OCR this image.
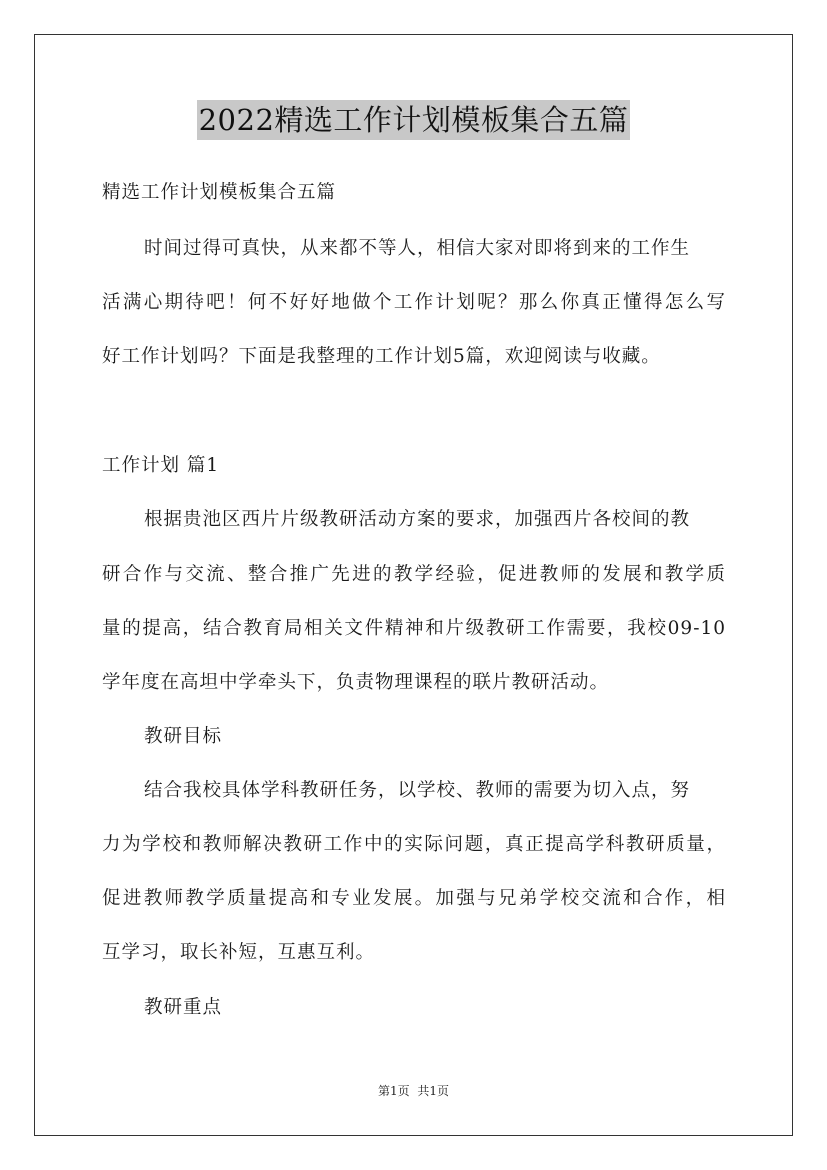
2022精选工作计划模板集合五篇
精选工作计划模板集合五篇
时间过得可真快，从来都不等人，相信大家对即将到来的工作生
活满心期待吧！何不好好地做个工作计划呢？那么你真正懂得怎么写
好工作计划吗？下面是我整理的工作计划5篇，欢迎阅读与收藏。
工作计划 篇1
根据贵池区西片片级教研活动方案的要求，加强西片各校间的教
研合作与交流、整合推广先进的教学经验，促进教师的发展和教学质
量的提高，结合教育局相关文件精神和片级教研工作需要，我校09-10
学年度在高坦中学牵头下，负责物理课程的联片教研活动。
教研目标
结合我校具体学科教研任务，以学校、教师的需要为切入点，努
力为学校和教师解决教研工作中的实际问题，真正提高学科教研质量，
促进教师教学质量提高和专业发展。加强与兄弟学校交流和合作，相
互学习，取长补短，互惠互利。
教研重点
第1页 共1页
